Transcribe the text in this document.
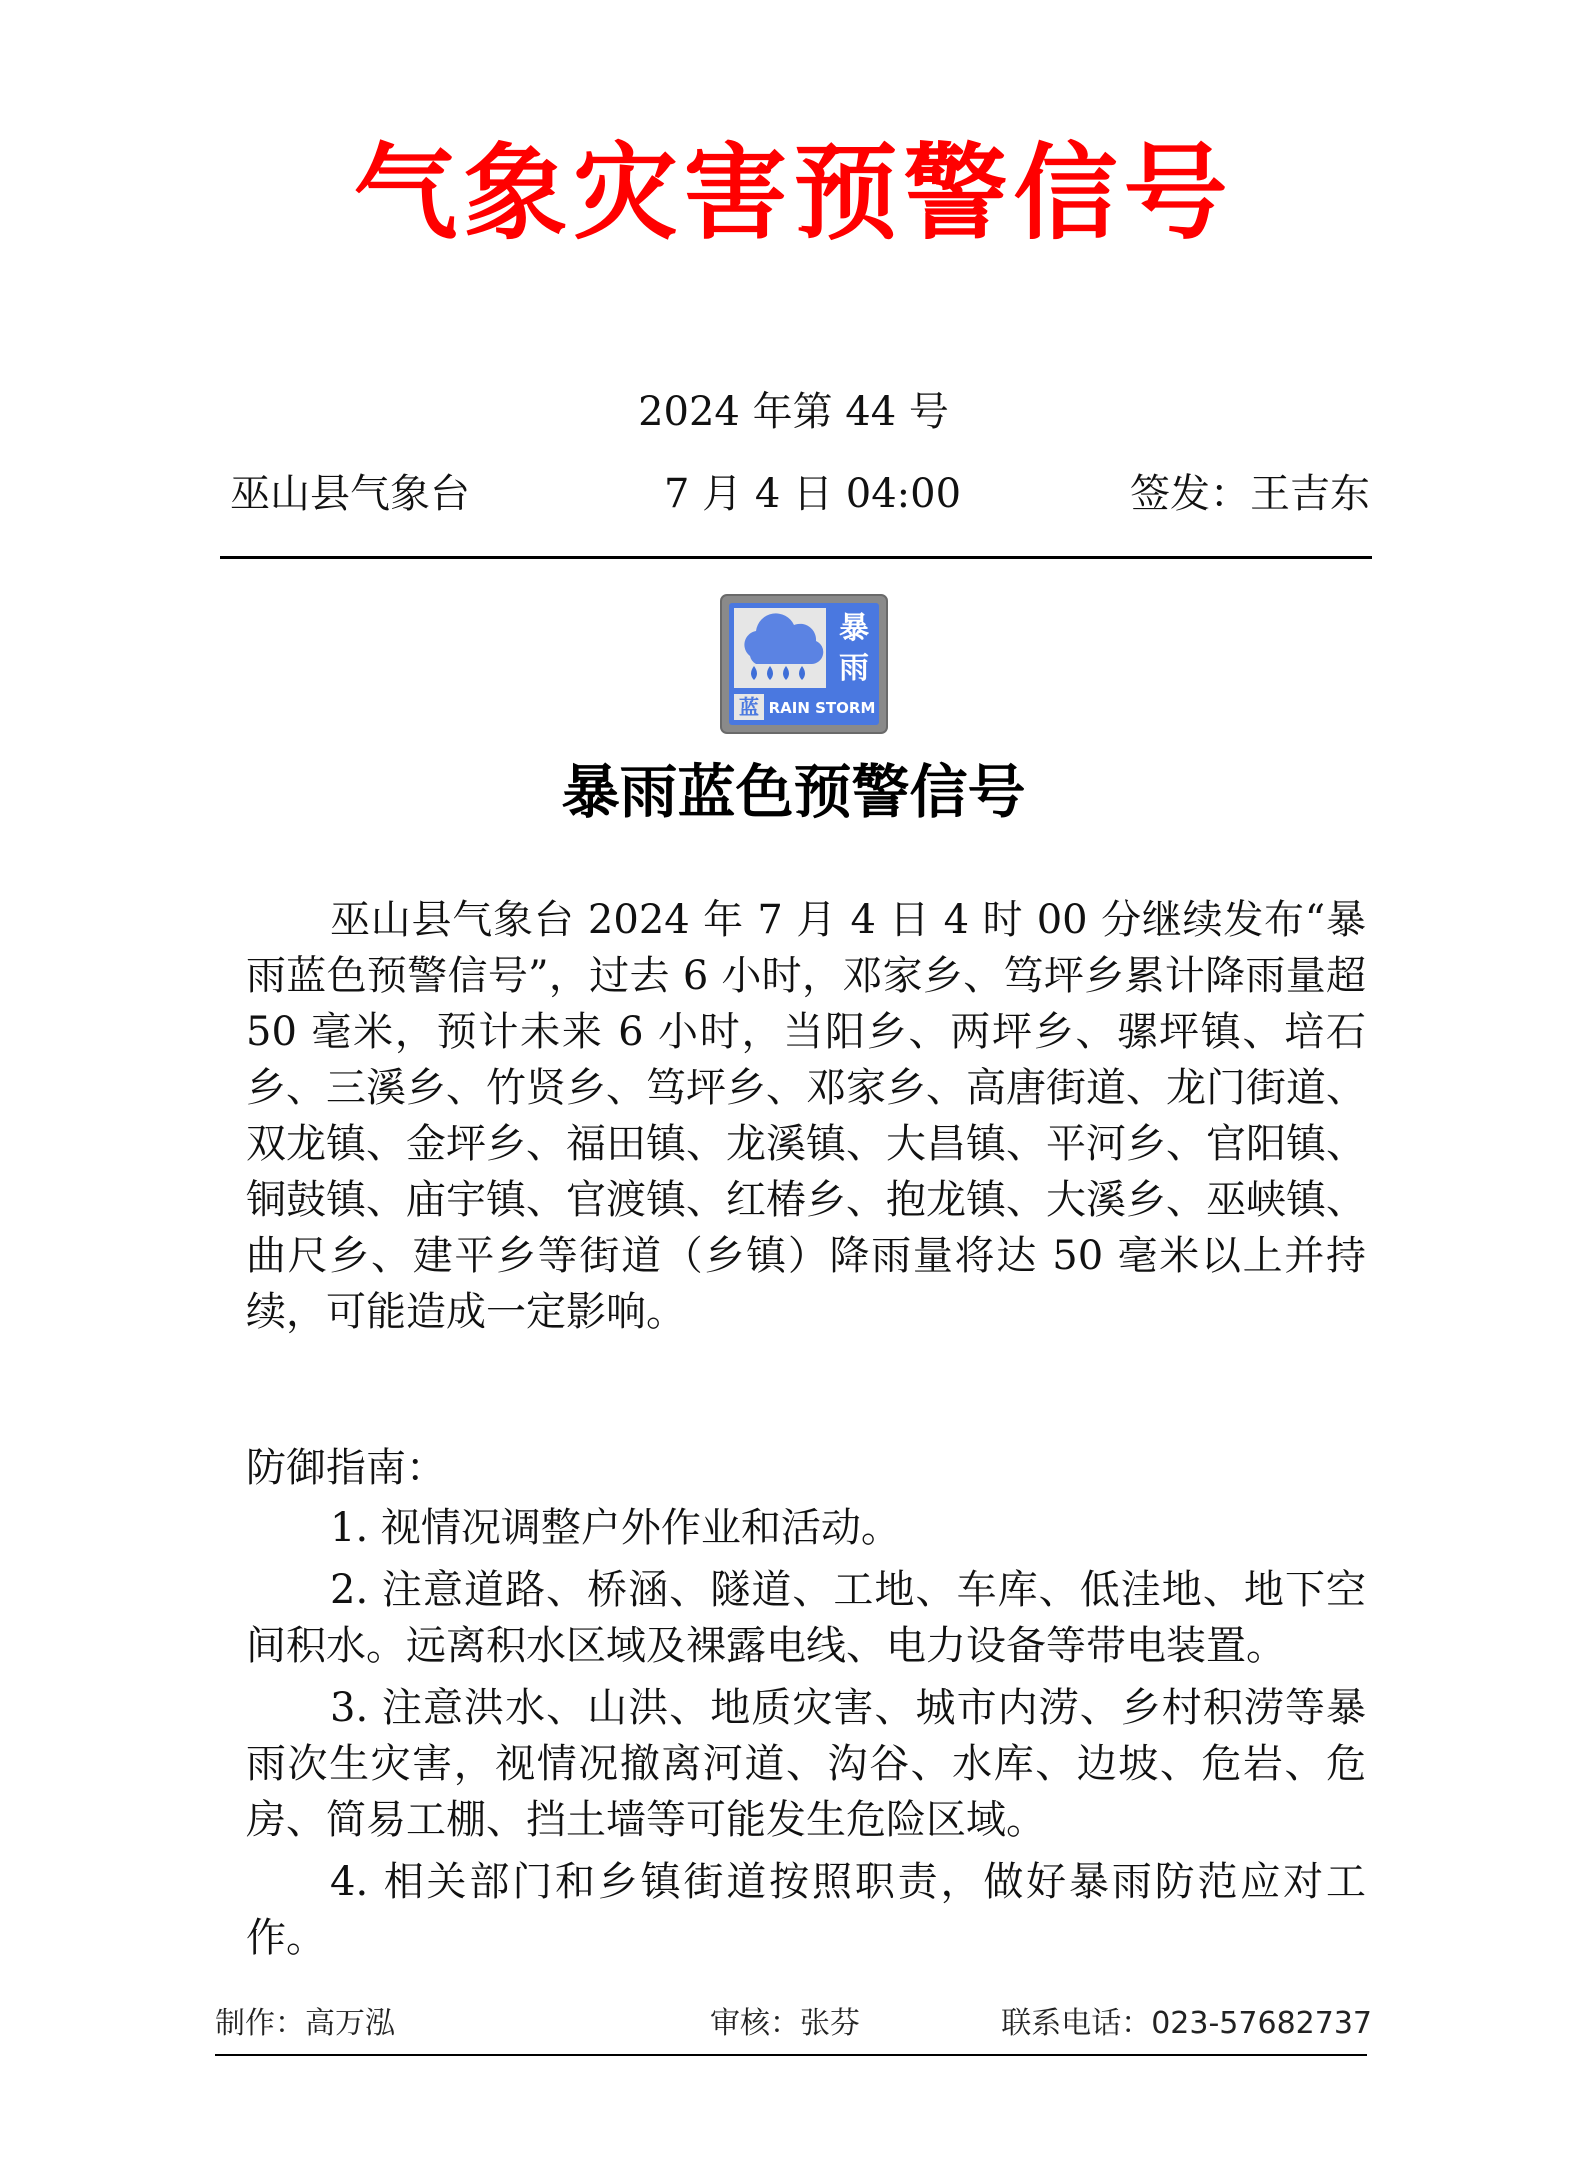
气象灾害预警信号
2024 年第 44 号
巫山县气象台	7 月 4 日 04:00	签发：王吉东
暴
雨
蓝 RAIN STORM
暴雨蓝色预警信号

巫山县气象台 2024 年 7 月 4 日 4 时 00 分继续发布“暴雨蓝色预警信号”，过去 6 小时，邓家乡、笃坪乡累计降雨量超 50 毫米，预计未来 6 小时，当阳乡、两坪乡、骡坪镇、培石乡、三溪乡、竹贤乡、笃坪乡、邓家乡、高唐街道、龙门街道、双龙镇、金坪乡、福田镇、龙溪镇、大昌镇、平河乡、官阳镇、铜鼓镇、庙宇镇、官渡镇、红椿乡、抱龙镇、大溪乡、巫峡镇、曲尺乡、建平乡等街道（乡镇）降雨量将达 50 毫米以上并持续，可能造成一定影响。

防御指南：
1. 视情况调整户外作业和活动。
2. 注意道路、桥涵、隧道、工地、车库、低洼地、地下空间积水。远离积水区域及裸露电线、电力设备等带电装置。
3. 注意洪水、山洪、地质灾害、城市内涝、乡村积涝等暴雨次生灾害，视情况撤离河道、沟谷、水库、边坡、危岩、危房、简易工棚、挡土墙等可能发生危险区域。
4. 相关部门和乡镇街道按照职责，做好暴雨防范应对工作。
制作：高万泓	审核：张芬	联系电话：023-57682737
